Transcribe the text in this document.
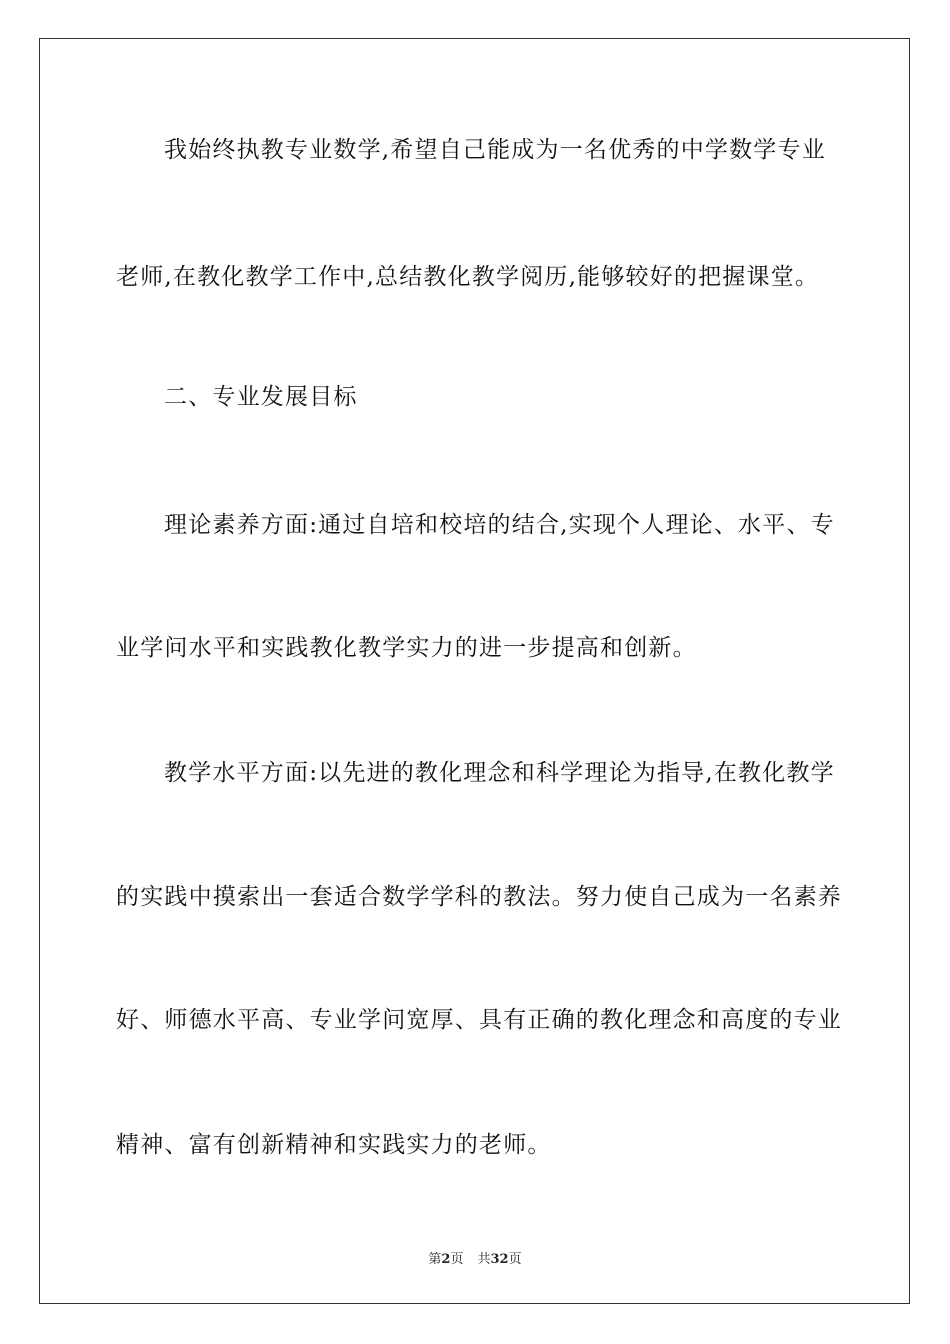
我始终执教专业数学,希望自己能成为一名优秀的中学数学专业
老师,在教化教学工作中,总结教化教学阅历,能够较好的把握课堂。
二、专业发展目标
理论素养方面:通过自培和校培的结合,实现个人理论、水平、专
业学问水平和实践教化教学实力的进一步提高和创新。
教学水平方面:以先进的教化理念和科学理论为指导,在教化教学
的实践中摸索出一套适合数学学科的教法。努力使自己成为一名素养
好、师德水平高、专业学问宽厚、具有正确的教化理念和高度的专业
精神、富有创新精神和实践实力的老师。
第2页 共32页
